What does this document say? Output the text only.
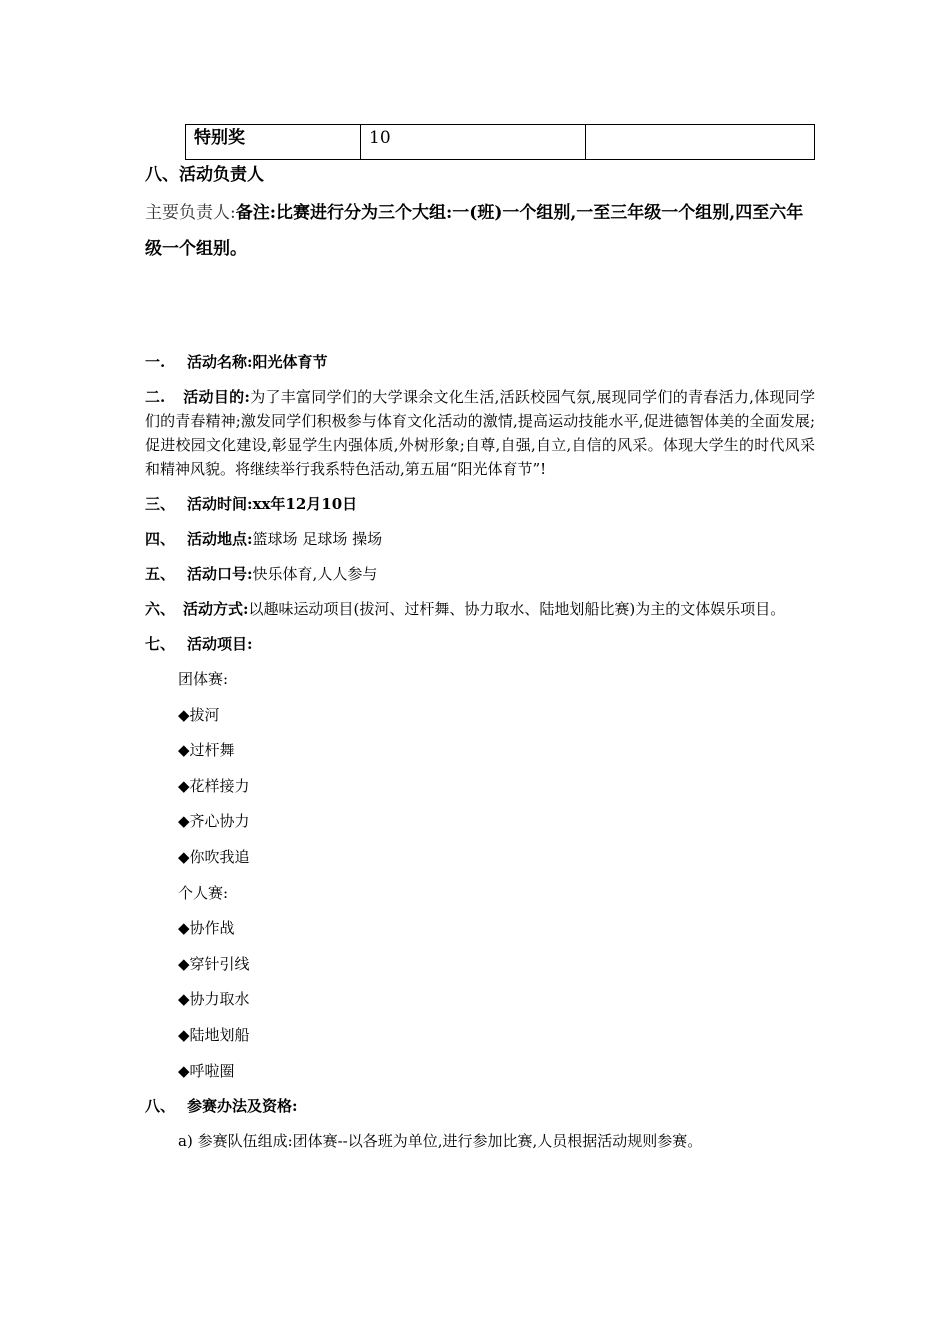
特别奖	10	
八、活动负责人
主要负责人:备注:比赛进行分为三个大组:一(班)一个组别,一至三年级一个组别,四至六年级一个组别。
一. 活动名称:阳光体育节
二. 活动目的:为了丰富同学们的大学课余文化生活,活跃校园气氛,展现同学们的青春活力,体现同学们的青春精神;激发同学们积极参与体育文化活动的激情,提高运动技能水平,促进德智体美的全面发展;促进校园文化建设,彰显学生内强体质,外树形象;自尊,自强,自立,自信的风采。体现大学生的时代风采和精神风貌。将继续举行我系特色活动,第五届“阳光体育节”!
三、 活动时间:xx年12月10日
四、 活动地点:篮球场 足球场 操场
五、 活动口号:快乐体育,人人参与
六、 活动方式:以趣味运动项目(拔河、过杆舞、协力取水、陆地划船比赛)为主的文体娱乐项目。
七、 活动项目:
团体赛:
◆ 拔河
◆ 过杆舞
◆ 花样接力
◆ 齐心协力
◆ 你吹我追
个人赛:
◆ 协作战
◆ 穿针引线
◆ 协力取水
◆ 陆地划船
◆ 呼啦圈
八、 参赛办法及资格:
a) 参赛队伍组成:团体赛--以各班为单位,进行参加比赛,人员根据活动规则参赛。
